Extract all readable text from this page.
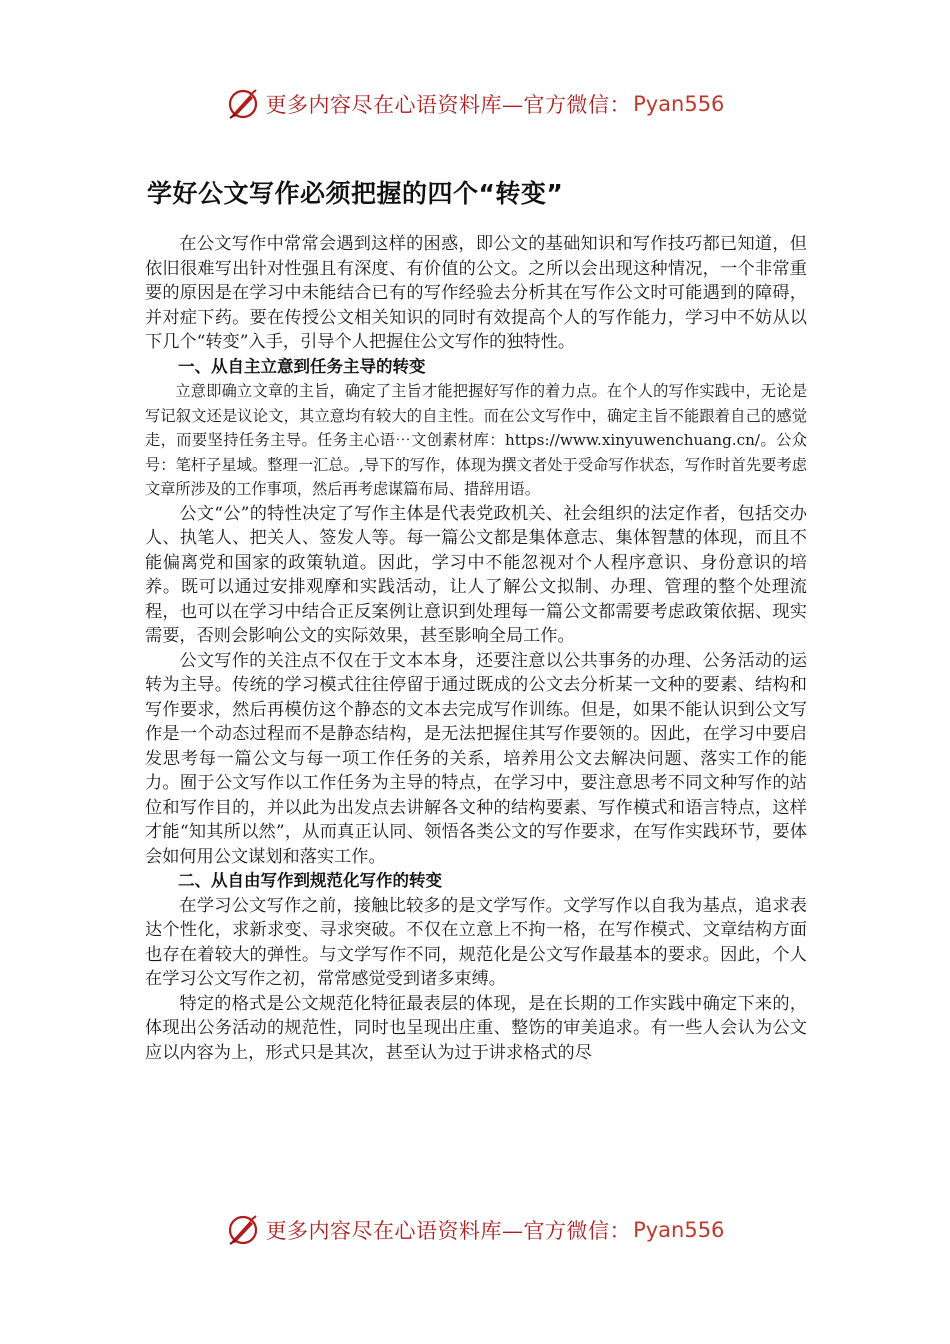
更多内容尽在心语资料库—官方微信： Pyan556
学好公文写作必须把握的四个“转变”

在公文写作中常常会遇到这样的困惑，即公文的基础知识和写作技巧都已知道，但依旧很难写出针对性强且有深度、有价值的公文。之所以会出现这种情况，一个非常重要的原因是在学习中未能结合已有的写作经验去分析其在写作公文时可能遇到的障碍，并对症下药。要在传授公文相关知识的同时有效提高个人的写作能力，学习中不妨从以下几个“转变”入手，引导个人把握住公文写作的独特性。

一、从自主立意到任务主导的转变

立意即确立文章的主旨，确定了主旨才能把握好写作的着力点。在个人的写作实践中，无论是写记叙文还是议论文，其立意均有较大的自主性。而在公文写作中，确定主旨不能跟着自己的感觉走，而要坚持任务主导。任务主心语⋯文创素材库：https://www.xinyuwenchuang.cn/。公众号：笔杆子星域。整理一汇总。,导下的写作，体现为撰文者处于受命写作状态，写作时首先要考虑文章所涉及的工作事项，然后再考虑谋篇布局、措辞用语。

公文“公”的特性决定了写作主体是代表党政机关、社会组织的法定作者，包括交办人、执笔人、把关人、签发人等。每一篇公文都是集体意志、集体智慧的体现，而且不能偏离党和国家的政策轨道。因此，学习中不能忽视对个人程序意识、身份意识的培养。既可以通过安排观摩和实践活动，让人了解公文拟制、办理、管理的整个处理流程，也可以在学习中结合正反案例让意识到处理每一篇公文都需要考虑政策依据、现实需要，否则会影响公文的实际效果，甚至影响全局工作。

公文写作的关注点不仅在于文本本身，还要注意以公共事务的办理、公务活动的运转为主导。传统的学习模式往往停留于通过既成的公文去分析某一文种的要素、结构和写作要求，然后再模仿这个静态的文本去完成写作训练。但是，如果不能认识到公文写作是一个动态过程而不是静态结构，是无法把握住其写作要领的。因此，在学习中要启发思考每一篇公文与每一项工作任务的关系，培养用公文去解决问题、落实工作的能力。囿于公文写作以工作任务为主导的特点，在学习中，要注意思考不同文种写作的站位和写作目的，并以此为出发点去讲解各文种的结构要素、写作模式和语言特点，这样才能“知其所以然”，从而真正认同、领悟各类公文的写作要求，在写作实践环节，要体会如何用公文谋划和落实工作。

二、从自由写作到规范化写作的转变

在学习公文写作之前，接触比较多的是文学写作。文学写作以自我为基点，追求表达个性化，求新求变、寻求突破。不仅在立意上不拘一格，在写作模式、文章结构方面也存在着较大的弹性。与文学写作不同，规范化是公文写作最基本的要求。因此，个人在学习公文写作之初，常常感觉受到诸多束缚。

特定的格式是公文规范化特征最表层的体现，是在长期的工作实践中确定下来的，体现出公务活动的规范性，同时也呈现出庄重、整饬的审美追求。有一些人会认为公文应以内容为上，形式只是其次，甚至认为过于讲求格式的尽

更多内容尽在心语资料库—官方微信： Pyan556
